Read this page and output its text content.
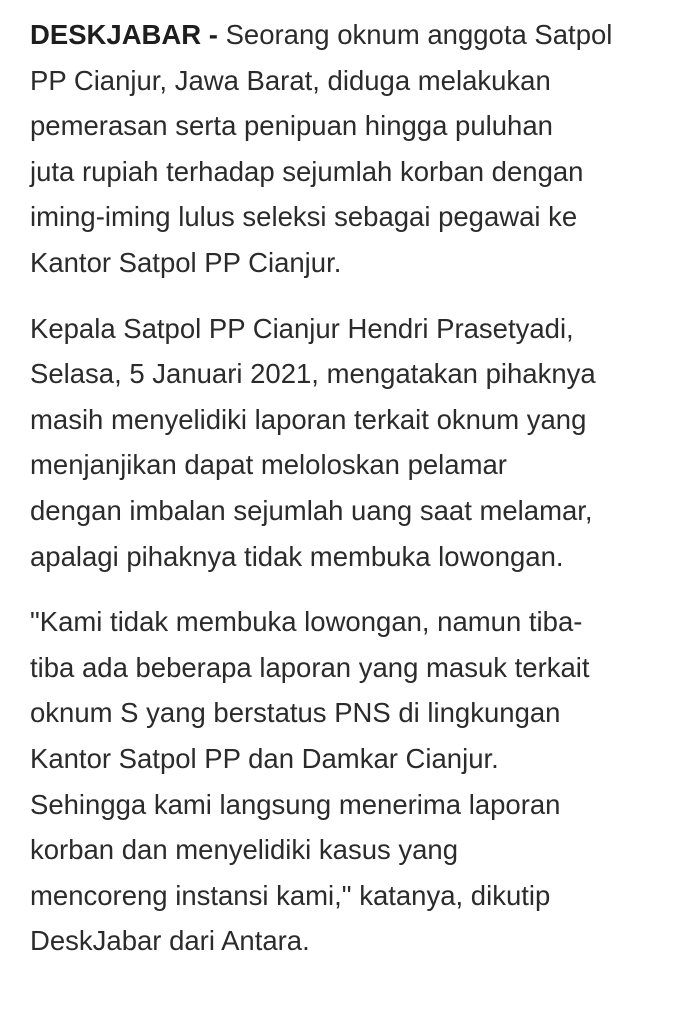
DESKJABAR - Seorang oknum anggota Satpol
PP Cianjur, Jawa Barat, diduga melakukan
pemerasan serta penipuan hingga puluhan
juta rupiah terhadap sejumlah korban dengan
iming-iming lulus seleksi sebagai pegawai ke
Kantor Satpol PP Cianjur.

Kepala Satpol PP Cianjur Hendri Prasetyadi,
Selasa, 5 Januari 2021, mengatakan pihaknya
masih menyelidiki laporan terkait oknum yang
menjanjikan dapat meloloskan pelamar
dengan imbalan sejumlah uang saat melamar,
apalagi pihaknya tidak membuka lowongan.

"Kami tidak membuka lowongan, namun tiba-
tiba ada beberapa laporan yang masuk terkait
oknum S yang berstatus PNS di lingkungan
Kantor Satpol PP dan Damkar Cianjur.
Sehingga kami langsung menerima laporan
korban dan menyelidiki kasus yang
mencoreng instansi kami," katanya, dikutip
DeskJabar dari Antara.
